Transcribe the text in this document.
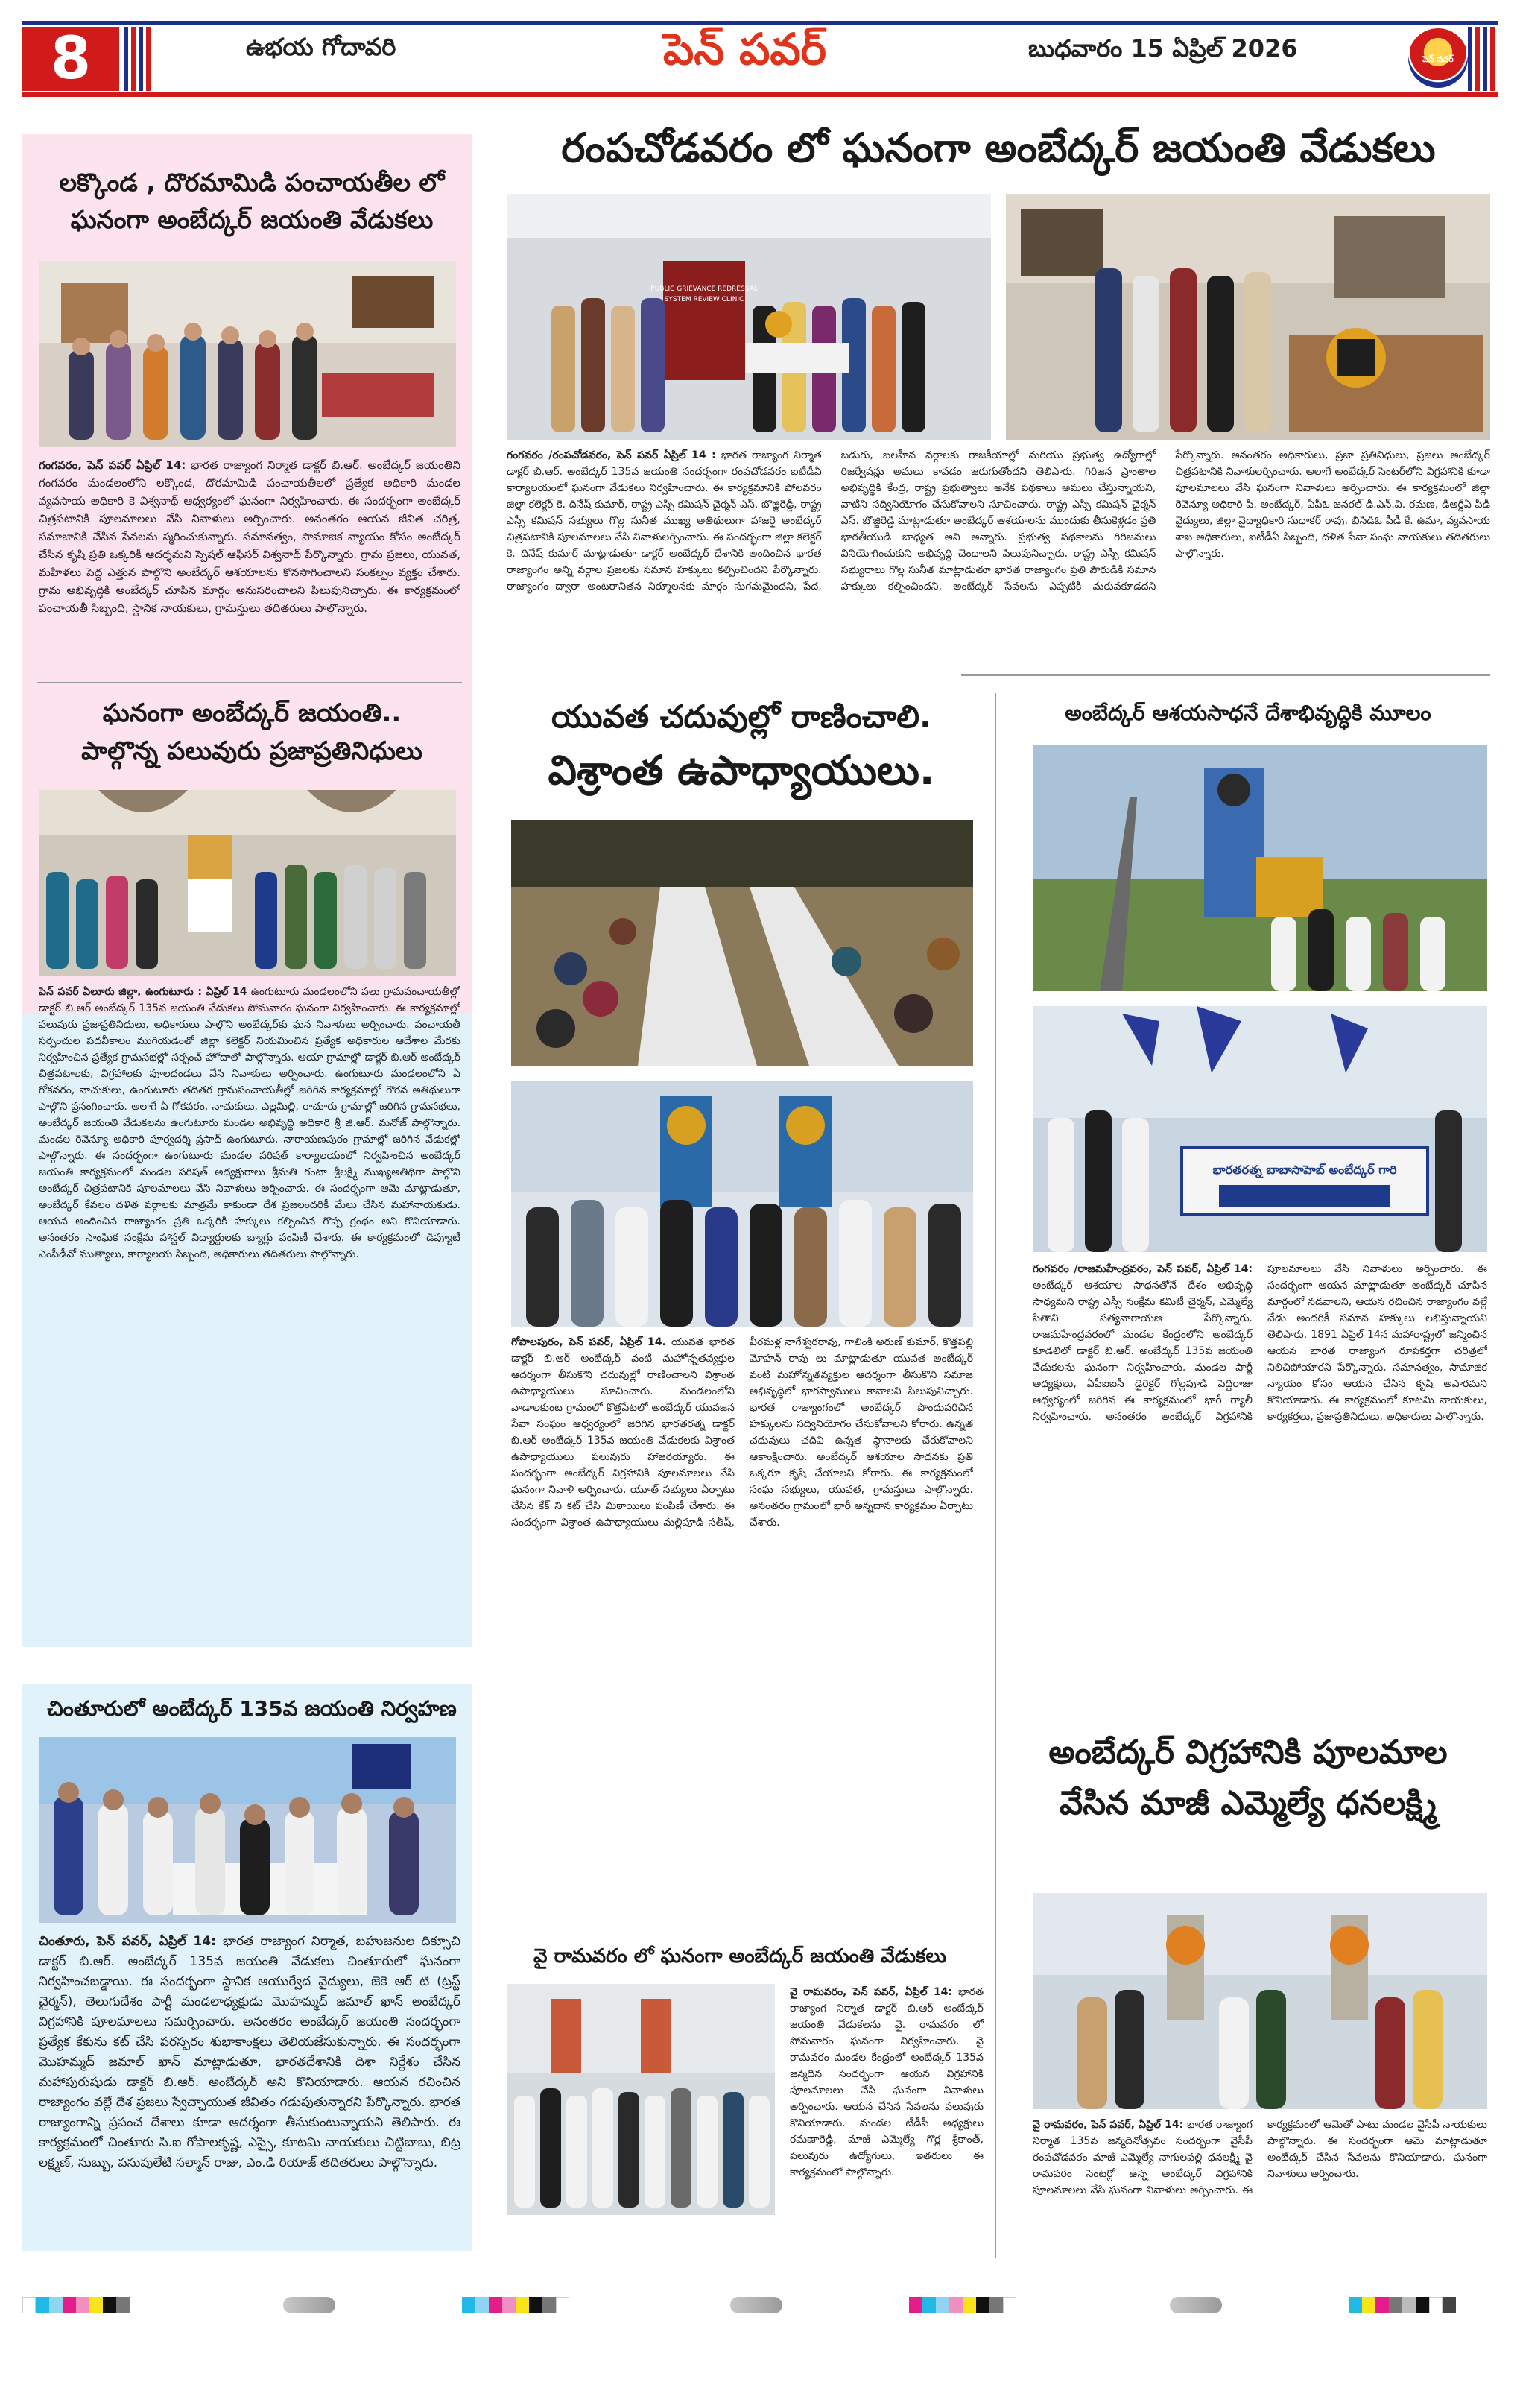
8	ఉభయ గోదావరి	పెన్ పవర్	బుధవారం 15 ఏప్రిల్ 2026	పెన్ పవర్
లక్కొండ , దొరమామిడి పంచాయతీల లో
ఘనంగా అంబేద్కర్ జయంతి వేడుకలు
గంగవరం, పెన్ పవర్ ఏప్రిల్ 14: భారత రాజ్యాంగ నిర్మాత డాక్టర్ బి.ఆర్. అంబేద్కర్ జయంతిని గంగవరం మండలంలోని లక్కొండ, దొరమామిడి పంచాయతీలలో ప్రత్యేక అధికారి మండల వ్యవసాయ అధికారి కె విశ్వనాథ్ ఆధ్వర్యంలో ఘనంగా నిర్వహించారు. ఈ సందర్భంగా అంబేద్కర్ చిత్రపటానికి పూలమాలలు వేసి నివాళులు అర్పించారు. అనంతరం ఆయన జీవిత చరిత్ర, సమాజానికి చేసిన సేవలను స్మరించుకున్నారు. సమానత్వం, సామాజిక న్యాయం కోసం అంబేద్కర్ చేసిన కృషి ప్రతి ఒక్కరికీ ఆదర్శమని స్పెషల్ ఆఫీసర్ విశ్వనాథ్ పేర్కొన్నారు. గ్రామ ప్రజలు, యువత, మహిళలు పెద్ద ఎత్తున పాల్గొని అంబేద్కర్ ఆశయాలను కొనసాగించాలని సంకల్పం వ్యక్తం చేశారు. గ్రామ అభివృద్ధికి అంబేద్కర్ చూపిన మార్గం అనుసరించాలని పిలుపునిచ్చారు. ఈ కార్యక్రమంలో పంచాయతీ సిబ్బంది, స్థానిక నాయకులు, గ్రామస్తులు తదితరులు పాల్గొన్నారు.
ఘనంగా అంబేద్కర్ జయంతి..
పాల్గొన్న పలువురు ప్రజాప్రతినిధులు
పెన్ పవర్ ఏలూరు జిల్లా, ఉంగుటూరు : ఏప్రిల్ 14 ఉంగుటూరు మండలంలోని పలు గ్రామపంచాయతీల్లో డాక్టర్ బి.ఆర్ అంబేద్కర్ 135వ జయంతి వేడుకలు సోమవారం ఘనంగా నిర్వహించారు. ఈ కార్యక్రమాల్లో పలువురు ప్రజాప్రతినిధులు, అధికారులు పాల్గొని అంబేద్కర్‌కు ఘన నివాళులు అర్పించారు. పంచాయతీ సర్పంచుల పదవీకాలం ముగియడంతో జిల్లా కలెక్టర్ నియమించిన ప్రత్యేక అధికారుల ఆదేశాల మేరకు నిర్వహించిన ప్రత్యేక గ్రామసభల్లో సర్పంచ్ హోదాలో పాల్గొన్నారు. ఆయా గ్రామాల్లో డాక్టర్ బి.ఆర్ అంబేద్కర్ చిత్రపటాలకు, విగ్రహాలకు పూలదండలు వేసి నివాళులు అర్పించారు. ఉంగుటూరు మండలంలోని ఏ గోకవరం, నాచుకులు, ఉంగుటూరు తదితర గ్రామపంచాయతీల్లో జరిగిన కార్యక్రమాల్లో గౌరవ అతిథులుగా పాల్గొని ప్రసంగించారు. అలాగే ఏ గోకవరం, నాచుకులు, ఎల్లమిల్లి, రాచూరు గ్రామాల్లో జరిగిన గ్రామసభలు, అంబేద్కర్ జయంతి వేడుకలను ఉంగుటూరు మండల అభివృద్ధి అధికారి శ్రీ జి.ఆర్. మనోజ్ పాల్గొన్నారు. మండల రెవెన్యూ అధికారి పూర్వదర్శి ప్రసాద్ ఉంగుటూరు, నారాయణపురం గ్రామాల్లో జరిగిన వేడుకల్లో పాల్గొన్నారు. ఈ సందర్భంగా ఉంగుటూరు మండల పరిషత్ కార్యాలయంలో నిర్వహించిన అంబేద్కర్ జయంతి కార్యక్రమంలో మండల పరిషత్ అధ్యక్షురాలు శ్రీమతి గంటా శ్రీలక్ష్మి ముఖ్యఅతిథిగా పాల్గొని అంబేద్కర్ చిత్రపటానికి పూలమాలలు వేసి నివాళులు అర్పించారు. ఈ సందర్భంగా ఆమె మాట్లాడుతూ, అంబేద్కర్ కేవలం దళిత వర్గాలకు మాత్రమే కాకుండా దేశ ప్రజలందరికీ మేలు చేసిన మహానాయకుడు. ఆయన అందించిన రాజ్యాంగం ప్రతి ఒక్కరికి హక్కులు కల్పించిన గొప్ప గ్రంథం అని కొనియాడారు. అనంతరం సాంఘిక సంక్షేమ హాస్టల్ విద్యార్థులకు బ్యాగ్లు పంపిణీ చేశారు. ఈ కార్యక్రమంలో డిప్యూటీ ఎంపీడీవో ముత్యాలు, కార్యాలయ సిబ్బంది, అధికారులు తదితరులు పాల్గొన్నారు.
చింతూరులో అంబేద్కర్ 135వ జయంతి నిర్వహణ
చింతూరు, పెన్ పవర్, ఏప్రిల్ 14: భారత రాజ్యాంగ నిర్మాత, బహుజనుల దిక్సూచి డాక్టర్ బి.ఆర్. అంబేద్కర్ 135వ జయంతి వేడుకలు చింతూరులో ఘనంగా నిర్వహించబడ్డాయి. ఈ సందర్భంగా స్థానిక ఆయుర్వేద వైద్యులు, జెకె ఆర్ టి (ట్రస్ట్ చైర్మన్), తెలుగుదేశం పార్టీ మండలాధ్యక్షుడు మొహమ్మద్ జమాల్ ఖాన్ అంబేద్కర్ విగ్రహానికి పూలమాలలు సమర్పించారు. అనంతరం అంబేద్కర్ జయంతి సందర్భంగా ప్రత్యేక కేకును కట్ చేసి పరస్పరం శుభాకాంక్షలు తెలియజేసుకున్నారు. ఈ సందర్భంగా మొహమ్మద్ జమాల్ ఖాన్ మాట్లాడుతూ, భారతదేశానికి దిశా నిర్దేశం చేసిన మహాపురుషుడు డాక్టర్ బి.ఆర్. అంబేద్కర్ అని కొనియాడారు. ఆయన రచించిన రాజ్యాంగం వల్లే దేశ ప్రజలు స్వేచ్ఛాయుత జీవితం గడుపుతున్నారని పేర్కొన్నారు. భారత రాజ్యాంగాన్ని ప్రపంచ దేశాలు కూడా ఆదర్శంగా తీసుకుంటున్నాయని తెలిపారు. ఈ కార్యక్రమంలో చింతూరు సి.ఐ గోపాలకృష్ణ, ఎస్సై, కూటమి నాయకులు చిట్టిబాబు, బిట్ర లక్ష్మణ్, సుబ్బు, పసుపులేటి సల్మాన్ రాజు, ఎం.డి రియాజ్ తదితరులు పాల్గొన్నారు.
రంపచోడవరం లో ఘనంగా అంబేద్కర్ జయంతి వేడుకలు
PUBLIC GRIEVANCE REDRESSAL
SYSTEM REVIEW CLINIC
గంగవరం /రంపచోడవరం, పెన్ పవర్ ఏప్రిల్ 14 : భారత రాజ్యాంగ నిర్మాత డాక్టర్ బి.ఆర్. అంబేద్కర్ 135వ జయంతి సందర్భంగా రంపచోడవరం ఐటీడీఏ కార్యాలయంలో ఘనంగా వేడుకలు నిర్వహించారు. ఈ కార్యక్రమానికి పోలవరం జిల్లా కలెక్టర్ కె. దినేష్ కుమార్, రాష్ట్ర ఎస్సీ కమిషన్ చైర్మన్ ఎస్. బొజ్జిరెడ్డి, రాష్ట్ర ఎస్సీ కమిషన్ సభ్యులు గొల్ల సునీత ముఖ్య అతిథులుగా హాజరై అంబేద్కర్ చిత్రపటానికి పూలమాలలు వేసి నివాళులర్పించారు. ఈ సందర్భంగా జిల్లా కలెక్టర్ కె. దినేష్ కుమార్ మాట్లాడుతూ డాక్టర్ అంబేద్కర్ దేశానికి అందించిన భారత రాజ్యాంగం అన్ని వర్గాల ప్రజలకు సమాన హక్కులు కల్పించిందని పేర్కొన్నారు. రాజ్యాంగం ద్వారా అంటరానితన నిర్మూలనకు మార్గం సుగమమైందని, పేద, బడుగు, బలహీన వర్గాలకు రాజకీయాల్లో మరియు ప్రభుత్వ ఉద్యోగాల్లో రిజర్వేషన్లు అమలు కావడం జరుగుతోందని తెలిపారు. గిరిజన ప్రాంతాల అభివృద్ధికి కేంద్ర, రాష్ట్ర ప్రభుత్వాలు అనేక పథకాలు అమలు చేస్తున్నాయని, వాటిని సద్వినియోగం చేసుకోవాలని సూచించారు. రాష్ట్ర ఎస్సీ కమిషన్ చైర్మన్ ఎస్. బొజ్జిరెడ్డి మాట్లాడుతూ అంబేద్కర్ ఆశయాలను ముందుకు తీసుకెళ్లడం ప్రతి భారతీయుడి బాధ్యత అని అన్నారు. ప్రభుత్వ పథకాలను గిరిజనులు వినియోగించుకుని అభివృద్ధి చెందాలని పిలుపునిచ్చారు. రాష్ట్ర ఎస్సీ కమిషన్ సభ్యురాలు గొల్ల సునీత మాట్లాడుతూ భారత రాజ్యాంగం ప్రతి పౌరుడికి సమాన హక్కులు కల్పించిందని, అంబేద్కర్ సేవలను ఎప్పటికీ మరువకూడదని పేర్కొన్నారు. అనంతరం అధికారులు, ప్రజా ప్రతినిధులు, ప్రజలు అంబేద్కర్ చిత్రపటానికి నివాళులర్పించారు. అలాగే అంబేద్కర్ సెంటర్‌లోని విగ్రహానికి కూడా పూలమాలలు వేసి ఘనంగా నివాళులు అర్పించారు. ఈ కార్యక్రమంలో జిల్లా రెవెన్యూ అధికారి పి. అంబేద్కర్, ఏపీఓ జనరల్ డి.ఎన్.వి. రమణ, డీఆర్డీఏ పీడీ వైద్యులు, జిల్లా వైద్యాధికారి సుధాకర్ రావు, బిసిడిఓ పీడీ కే. ఉమా, వ్యవసాయ శాఖ అధికారులు, ఐటీడీఏ సిబ్బంది, దళిత సేవా సంఘ నాయకులు తదితరులు పాల్గొన్నారు.
యువత చదువుల్లో రాణించాలి.
విశ్రాంత ఉపాధ్యాయులు.
గోపాలపురం, పెన్ పవర్, ఏప్రిల్ 14. యువత భారత డాక్టర్ బి.ఆర్ అంబేద్కర్ వంటి మహోన్నతవ్యక్తుల ఆదర్శంగా తీసుకొని చదువుల్లో రాణించాలని విశ్రాంత ఉపాధ్యాయులు సూచించారు. మండలంలోని వాడాలకుంట గ్రామంలో కొత్తపేటలో అంబేద్కర్ యువజన సేవా సంఘం ఆధ్వర్యంలో జరిగిన భారతరత్న డాక్టర్ బి.ఆర్ అంబేద్కర్ 135వ జయంతి వేడుకలకు విశ్రాంత ఉపాధ్యాయులు పలువురు హాజరయ్యారు. ఈ సందర్భంగా అంబేద్కర్ విగ్రహానికి పూలమాలలు వేసి ఘనంగా నివాళి అర్పించారు. యూత్ సభ్యులు ఏర్పాటు చేసిన కేక్ ని కట్ చేసి మిఠాయిలు పంపిణీ చేశారు. ఈ సందర్భంగా విశ్రాంత ఉపాధ్యాయులు మల్లిపూడి సతీష్, వీరమళ్ల నాగేశ్వరరావు, గాలింకి అరుణ్ కుమార్, కొత్తపల్లి మోహన్ రావు లు మాట్లాడుతూ యువత అంబేద్కర్ వంటి మహోన్నతవ్యక్తుల ఆదర్శంగా తీసుకొని సమాజ అభివృద్ధిలో భాగస్వాములు కావాలని పిలుపునిచ్చారు. భారత రాజ్యాంగంలో అంబేద్కర్ పొందుపరిచిన హక్కులను సద్వినియోగం చేసుకోవాలని కోరారు. ఉన్నత చదువులు చదివి ఉన్నత స్థానాలకు చేరుకోవాలని ఆకాంక్షించారు. అంబేద్కర్ ఆశయాల సాధనకు ప్రతి ఒక్కరూ కృషి చేయాలని కోరారు. ఈ కార్యక్రమంలో సంఘ సభ్యులు, యువత, గ్రామస్తులు పాల్గొన్నారు. అనంతరం గ్రామంలో భారీ అన్నదాన కార్యక్రమం ఏర్పాటు చేశారు.
వై రామవరం లో ఘనంగా అంబేద్కర్ జయంతి వేడుకలు
వై రామవరం, పెన్ పవర్, ఏప్రిల్ 14: భారత రాజ్యాంగ నిర్మాత డాక్టర్ బి.ఆర్ అంబేద్కర్ జయంతి వేడుకలను వై. రామవరం లో సోమవారం ఘనంగా నిర్వహించారు. వై రామవరం మండల కేంద్రంలో అంబేద్కర్ 135వ జన్మదిన సందర్భంగా ఆయన విగ్రహానికి పూలమాలలు వేసి ఘనంగా నివాళులు అర్పించారు. ఆయన చేసిన సేవలను పలువురు కొనియాడారు. మండల టీడీపీ అధ్యక్షులు రమణారెడ్డి, మాజీ ఎమ్మెల్యే గొర్ల శ్రీకాంత్, పలువురు ఉద్యోగులు, ఇతరులు ఈ కార్యక్రమంలో పాల్గొన్నారు.
అంబేద్కర్ ఆశయసాధనే దేశాభివృద్ధికి మూలం
భారతరత్న బాబాసాహెబ్ అంబేద్కర్ గారి
గంగవరం /రాజమహేంద్రవరం, పెన్ పవర్, ఏప్రిల్ 14: అంబేద్కర్ ఆశయాల సాధనతోనే దేశం అభివృద్ధి సాధ్యమని రాష్ట్ర ఎస్సీ సంక్షేమ కమిటీ చైర్మన్, ఎమ్మెల్యే పితాని సత్యనారాయణ పేర్కొన్నారు. రాజమహేంద్రవరంలో మండల కేంద్రంలోని అంబేద్కర్ కూడలిలో డాక్టర్ బి.ఆర్. అంబేద్కర్ 135వ జయంతి వేడుకలను ఘనంగా నిర్వహించారు. మండల పార్టీ అధ్యక్షులు, ఏపీఐఐసీ డైరెక్టర్ గోల్లపూడి పెద్దిరాజు ఆధ్వర్యంలో జరిగిన ఈ కార్యక్రమంలో భారీ ర్యాలీ నిర్వహించారు. అనంతరం అంబేద్కర్ విగ్రహానికి పూలమాలలు వేసి నివాళులు అర్పించారు. ఈ సందర్భంగా ఆయన మాట్లాడుతూ అంబేద్కర్ చూపిన మార్గంలో నడవాలని, ఆయన రచించిన రాజ్యాంగం వల్లే నేడు అందరికీ సమాన హక్కులు లభిస్తున్నాయని తెలిపారు. 1891 ఏప్రిల్ 14న మహారాష్ట్రలో జన్మించిన ఆయన భారత రాజ్యాంగ రూపకర్తగా చరిత్రలో నిలిచిపోయారని పేర్కొన్నారు. సమానత్వం, సామాజిక న్యాయం కోసం ఆయన చేసిన కృషి అపారమని కొనియాడారు. ఈ కార్యక్రమంలో కూటమి నాయకులు, కార్యకర్తలు, ప్రజాప్రతినిధులు, అధికారులు పాల్గొన్నారు.
అంబేద్కర్ విగ్రహానికి పూలమాల
వేసిన మాజీ ఎమ్మెల్యే ధనలక్ష్మి
వై రామవరం, పెన్ పవర్, ఏప్రిల్ 14: భారత రాజ్యాంగ నిర్మాత 135వ జన్మదినోత్సవం సందర్భంగా వైసీపీ రంపచోడవరం మాజీ ఎమ్మెల్యే నాగులపల్లి ధనలక్ష్మి వై రామవరం సెంటర్లో ఉన్న అంబేద్కర్ విగ్రహానికి పూలమాలలు వేసి ఘనంగా నివాళులు అర్పించారు. ఈ కార్యక్రమంలో ఆమెతో పాటు మండల వైసీపీ నాయకులు పాల్గొన్నారు. ఈ సందర్భంగా ఆమె మాట్లాడుతూ అంబేద్కర్ చేసిన సేవలను కొనియాడారు. ఘనంగా నివాళులు అర్పించారు.
